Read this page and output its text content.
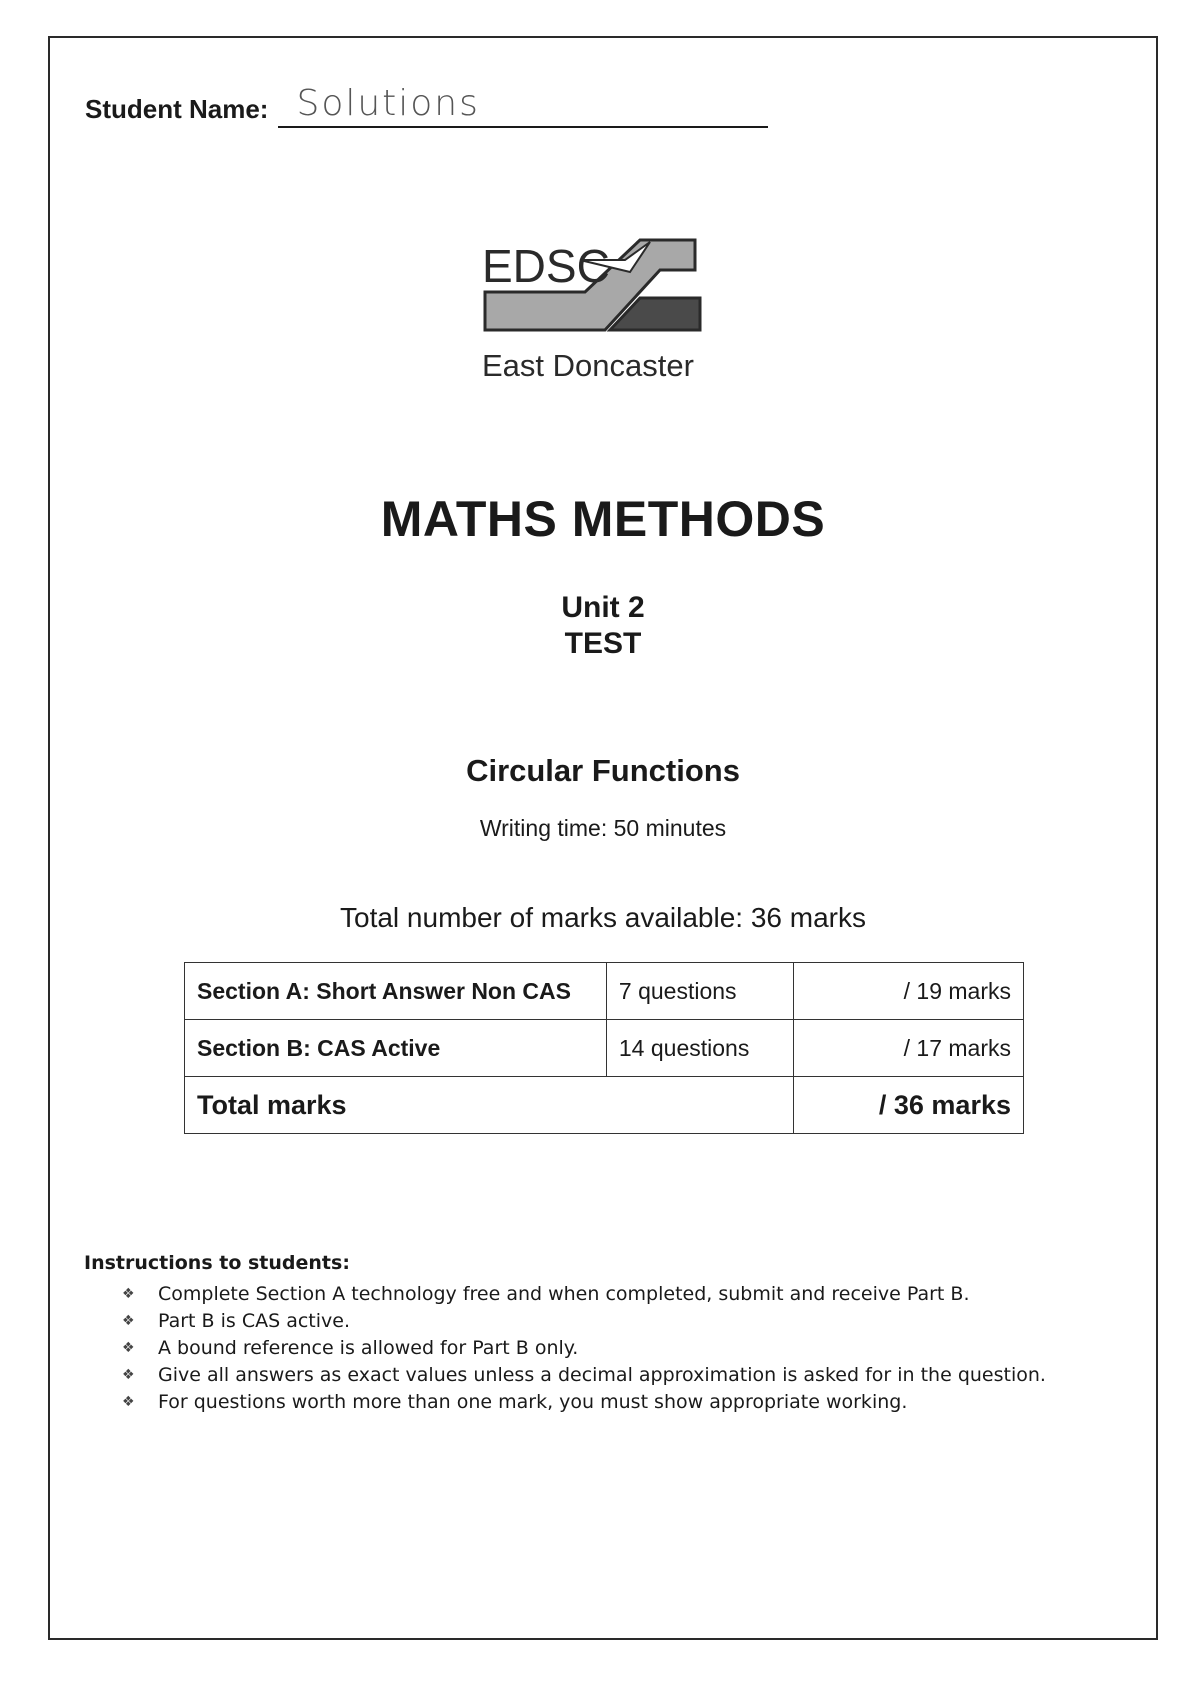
Student Name: Solutions
EDSC
East Doncaster
MATHS METHODS
Unit 2
TEST
Circular Functions
Writing time: 50 minutes
Total number of marks available: 36 marks
Section A: Short Answer Non CAS	7 questions	/ 19 marks
Section B: CAS Active	14 questions	/ 17 marks
Total marks		/ 36 marks
Instructions to students:
❖	Complete Section A technology free and when completed, submit and receive Part B.
❖	Part B is CAS active.
❖	A bound reference is allowed for Part B only.
❖	Give all answers as exact values unless a decimal approximation is asked for in the question.
❖	For questions worth more than one mark, you must show appropriate working.
